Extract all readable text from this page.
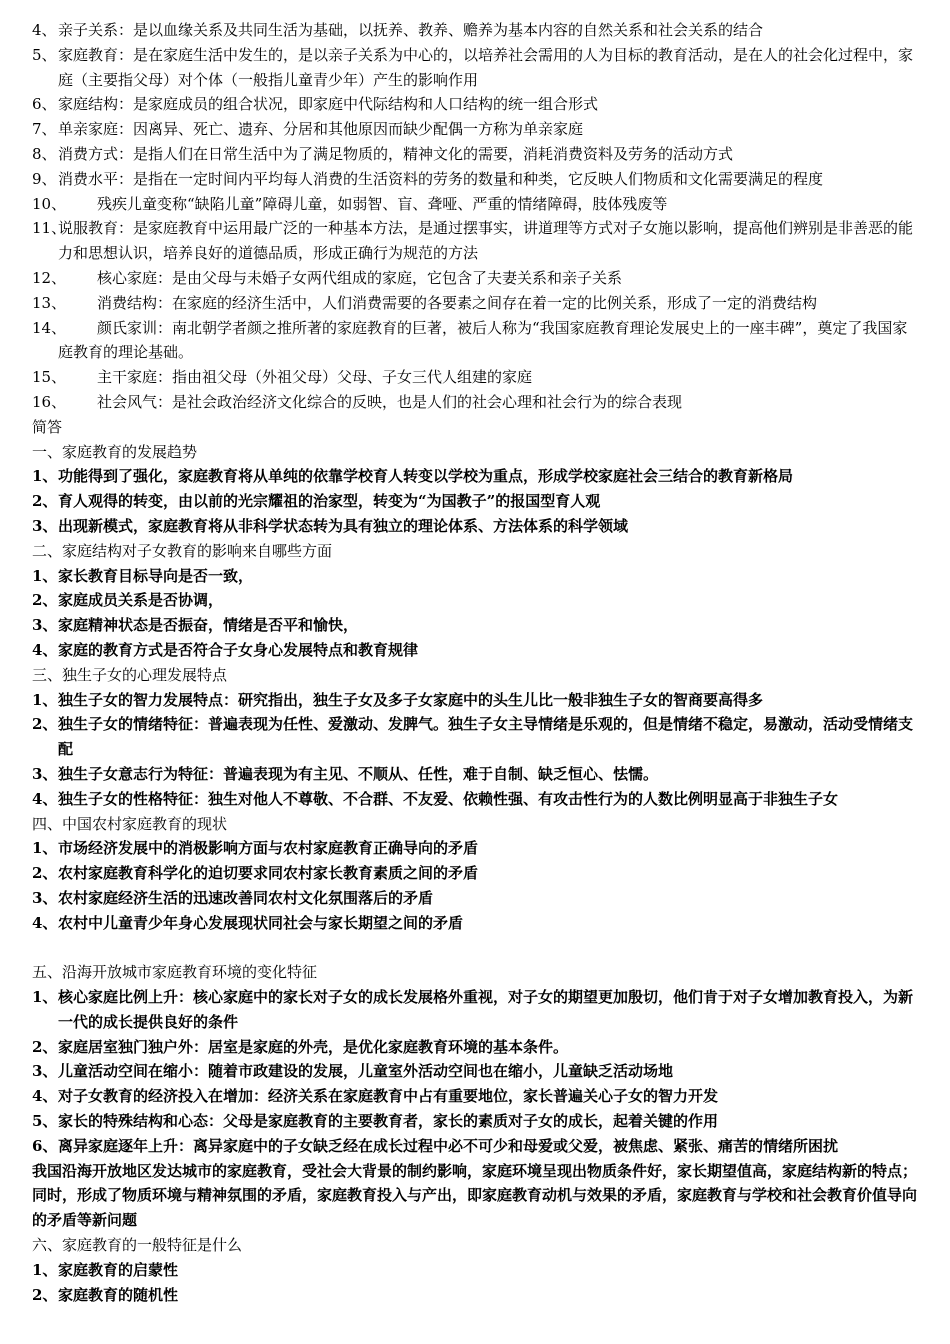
4、 亲子关系：是以血缘关系及共同生活为基础，以抚养、教养、赡养为基本内容的自然关系和社会关系的结合
5、 家庭教育：是在家庭生活中发生的，是以亲子关系为中心的，以培养社会需用的人为目标的教育活动，是在人的社会化过程中，家庭（主要指父母）对个体（一般指儿童青少年）产生的影响作用
6、 家庭结构：是家庭成员的组合状况，即家庭中代际结构和人口结构的统一组合形式
7、 单亲家庭：因离异、死亡、遗弃、分居和其他原因而缺少配偶一方称为单亲家庭
8、 消费方式：是指人们在日常生活中为了满足物质的，精神文化的需要，消耗消费资料及劳务的活动方式
9、 消费水平：是指在一定时间内平均每人消费的生活资料的劳务的数量和种类，它反映人们物质和文化需要满足的程度
10、	残疾儿童变称“缺陷儿童”障碍儿童，如弱智、盲、聋哑、严重的情绪障碍，肢体残废等
11、
说服教育：是家庭教育中运用最广泛的一种基本方法，是通过摆事实，讲道理等方式对子女施以影响，提高他们辨别是非善恶的能力和思想认识，培养良好的道德品质，形成正确行为规范的方法
12、	核心家庭：是由父母与未婚子女两代组成的家庭，它包含了夫妻关系和亲子关系
13、	消费结构：在家庭的经济生活中，人们消费需要的各要素之间存在着一定的比例关系，形成了一定的消费结构
14、 颜氏家训：南北朝学者颜之推所著的家庭教育的巨著，被后人称为“我国家庭教育理论发展史上的一座丰碑”，奠定了我国家庭教育的理论基础。
15、	主干家庭：指由祖父母（外祖父母）父母、子女三代人组建的家庭
16、	社会风气：是社会政治经济文化综合的反映，也是人们的社会心理和社会行为的综合表现
简答
一、家庭教育的发展趋势
1、 功能得到了强化，家庭教育将从单纯的依靠学校育人转变以学校为重点，形成学校家庭社会三结合的教育新格局
2、 育人观得的转变，由以前的光宗耀祖的治家型，转变为“为国教子”的报国型育人观
3、 出现新模式，家庭教育将从非科学状态转为具有独立的理论体系、方法体系的科学领域
二、家庭结构对子女教育的影响来自哪些方面
1、 家长教育目标导向是否一致，
2、 家庭成员关系是否协调，
3、 家庭精神状态是否振奋，情绪是否平和愉快，
4、 家庭的教育方式是否符合子女身心发展特点和教育规律
三、独生子女的心理发展特点
1、 独生子女的智力发展特点：研究指出，独生子女及多子女家庭中的头生儿比一般非独生子女的智商要高得多
2、 独生子女的情绪特征：普遍表现为任性、爱激动、发脾气。独生子女主导情绪是乐观的，但是情绪不稳定，易激动，活动受情绪支配
3、 独生子女意志行为特征：普遍表现为有主见、不顺从、任性，难于自制、缺乏恒心、怯懦。
4、 独生子女的性格特征：独生对他人不尊敬、不合群、不友爱、依赖性强、有攻击性行为的人数比例明显高于非独生子女
四、中国农村家庭教育的现状
1、 市场经济发展中的消极影响方面与农村家庭教育正确导向的矛盾
2、 农村家庭教育科学化的迫切要求同农村家长教育素质之间的矛盾
3、 农村家庭经济生活的迅速改善同农村文化氛围落后的矛盾
4、 农村中儿童青少年身心发展现状同社会与家长期望之间的矛盾
五、沿海开放城市家庭教育环境的变化特征
1、 核心家庭比例上升：核心家庭中的家长对子女的成长发展格外重视，对子女的期望更加殷切，他们肯于对子女增加教育投入，为新一代的成长提供良好的条件
2、 家庭居室独门独户外：居室是家庭的外壳，是优化家庭教育环境的基本条件。
3、 儿童活动空间在缩小：随着市政建设的发展，儿童室外活动空间也在缩小，儿童缺乏活动场地
4、 对子女教育的经济投入在增加：经济关系在家庭教育中占有重要地位，家长普遍关心子女的智力开发
5、 家长的特殊结构和心态：父母是家庭教育的主要教育者，家长的素质对子女的成长，起着关键的作用
6、 离异家庭逐年上升：离异家庭中的子女缺乏经在成长过程中必不可少和母爱或父爱，被焦虑、紧张、痛苦的情绪所困扰
我国沿海开放地区发达城市的家庭教育，受社会大背景的制约影响，家庭环境呈现出物质条件好，家长期望值高，家庭结构新的特点；同时，形成了物质环境与精神氛围的矛盾，家庭教育投入与产出，即家庭教育动机与效果的矛盾，家庭教育与学校和社会教育价值导向的矛盾等新问题
六、家庭教育的一般特征是什么
1、 家庭教育的启蒙性
2、 家庭教育的随机性
